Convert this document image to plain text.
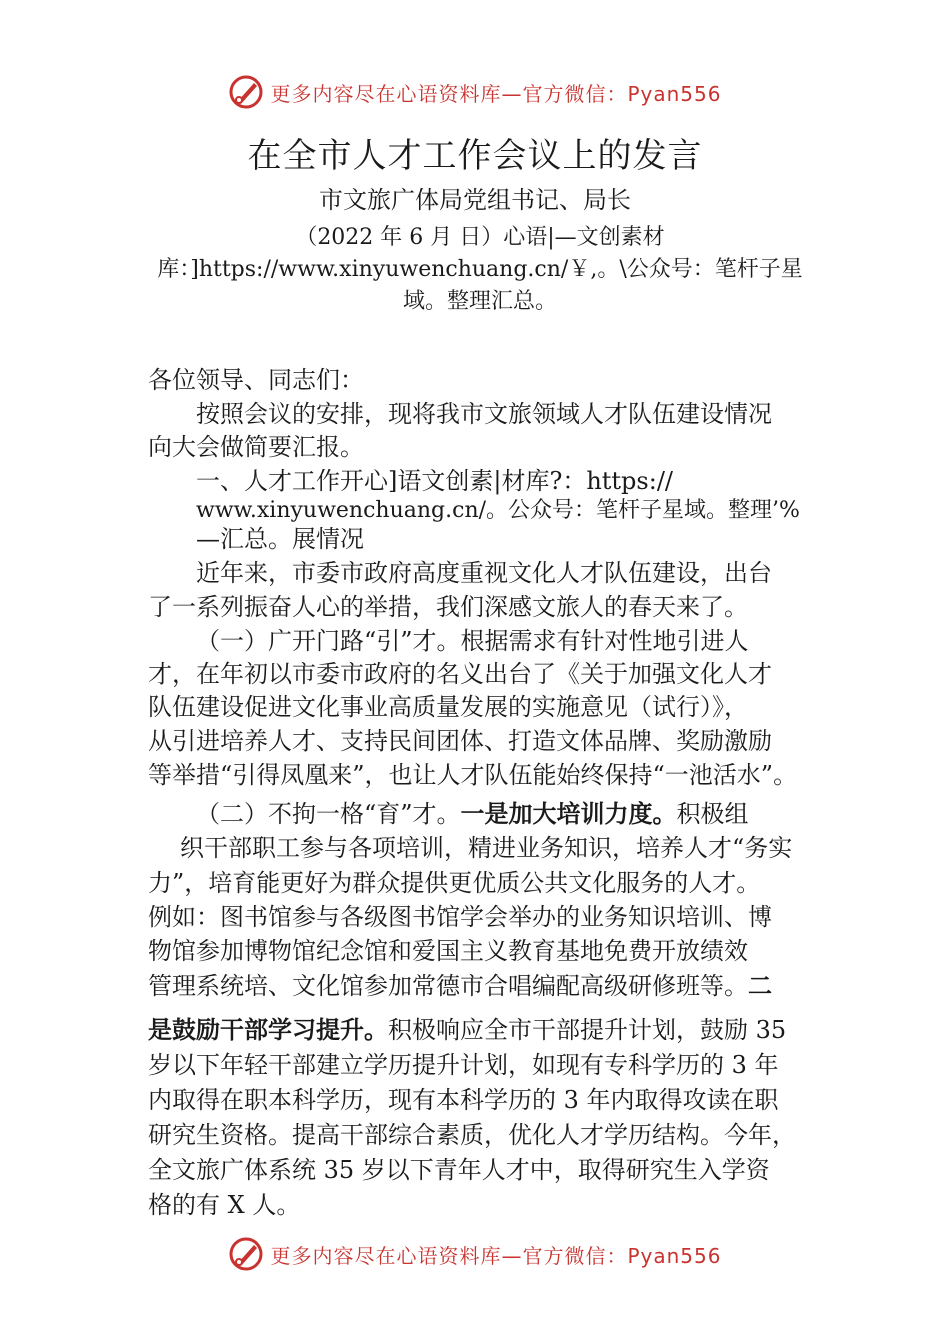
更多内容尽在心语资料库—官方微信：Pyan556
在全市人才工作会议上的发言
市文旅广体局党组书记、局长
（2022 年 6 月 日）心语|—文创素材库：]https://www.xinyuwenchuang.cn/￥,。\公众号：笔杆子星域。整理汇总。
各位领导、同志们：
按照会议的安排，现将我市文旅领域人才队伍建设情况
向大会做简要汇报。
一、人才工作开心]语文创素|材库?：https://
www.xinyuwenchuang.cn/。公众号：笔杆子星域。整理’%
—汇总。展情况
近年来，市委市政府高度重视文化人才队伍建设，出台
了一系列振奋人心的举措，我们深感文旅人的春天来了。
（一）广开门路“引”才。根据需求有针对性地引进人
才，在年初以市委市政府的名义出台了《关于加强文化人才
队伍建设促进文化事业高质量发展的实施意见（试行）》，
从引进培养人才、支持民间团体、打造文体品牌、奖励激励
等举措“引得凤凰来”，也让人才队伍能始终保持“一池活水”。
（二）不拘一格“育”才。一是加大培训力度。积极组
织干部职工参与各项培训，精进业务知识，培养人才“务实
力”，培育能更好为群众提供更优质公共文化服务的人才。
例如：图书馆参与各级图书馆学会举办的业务知识培训、博
物馆参加博物馆纪念馆和爱国主义教育基地免费开放绩效
管理系统培、文化馆参加常德市合唱编配高级研修班等。二
是鼓励干部学习提升。积极响应全市干部提升计划，鼓励 35
岁以下年轻干部建立学历提升计划，如现有专科学历的 3 年
内取得在职本科学历，现有本科学历的 3 年内取得攻读在职
研究生资格。提高干部综合素质，优化人才学历结构。今年，
全文旅广体系统 35 岁以下青年人才中，取得研究生入学资
格的有 X 人。
更多内容尽在心语资料库—官方微信：Pyan556
